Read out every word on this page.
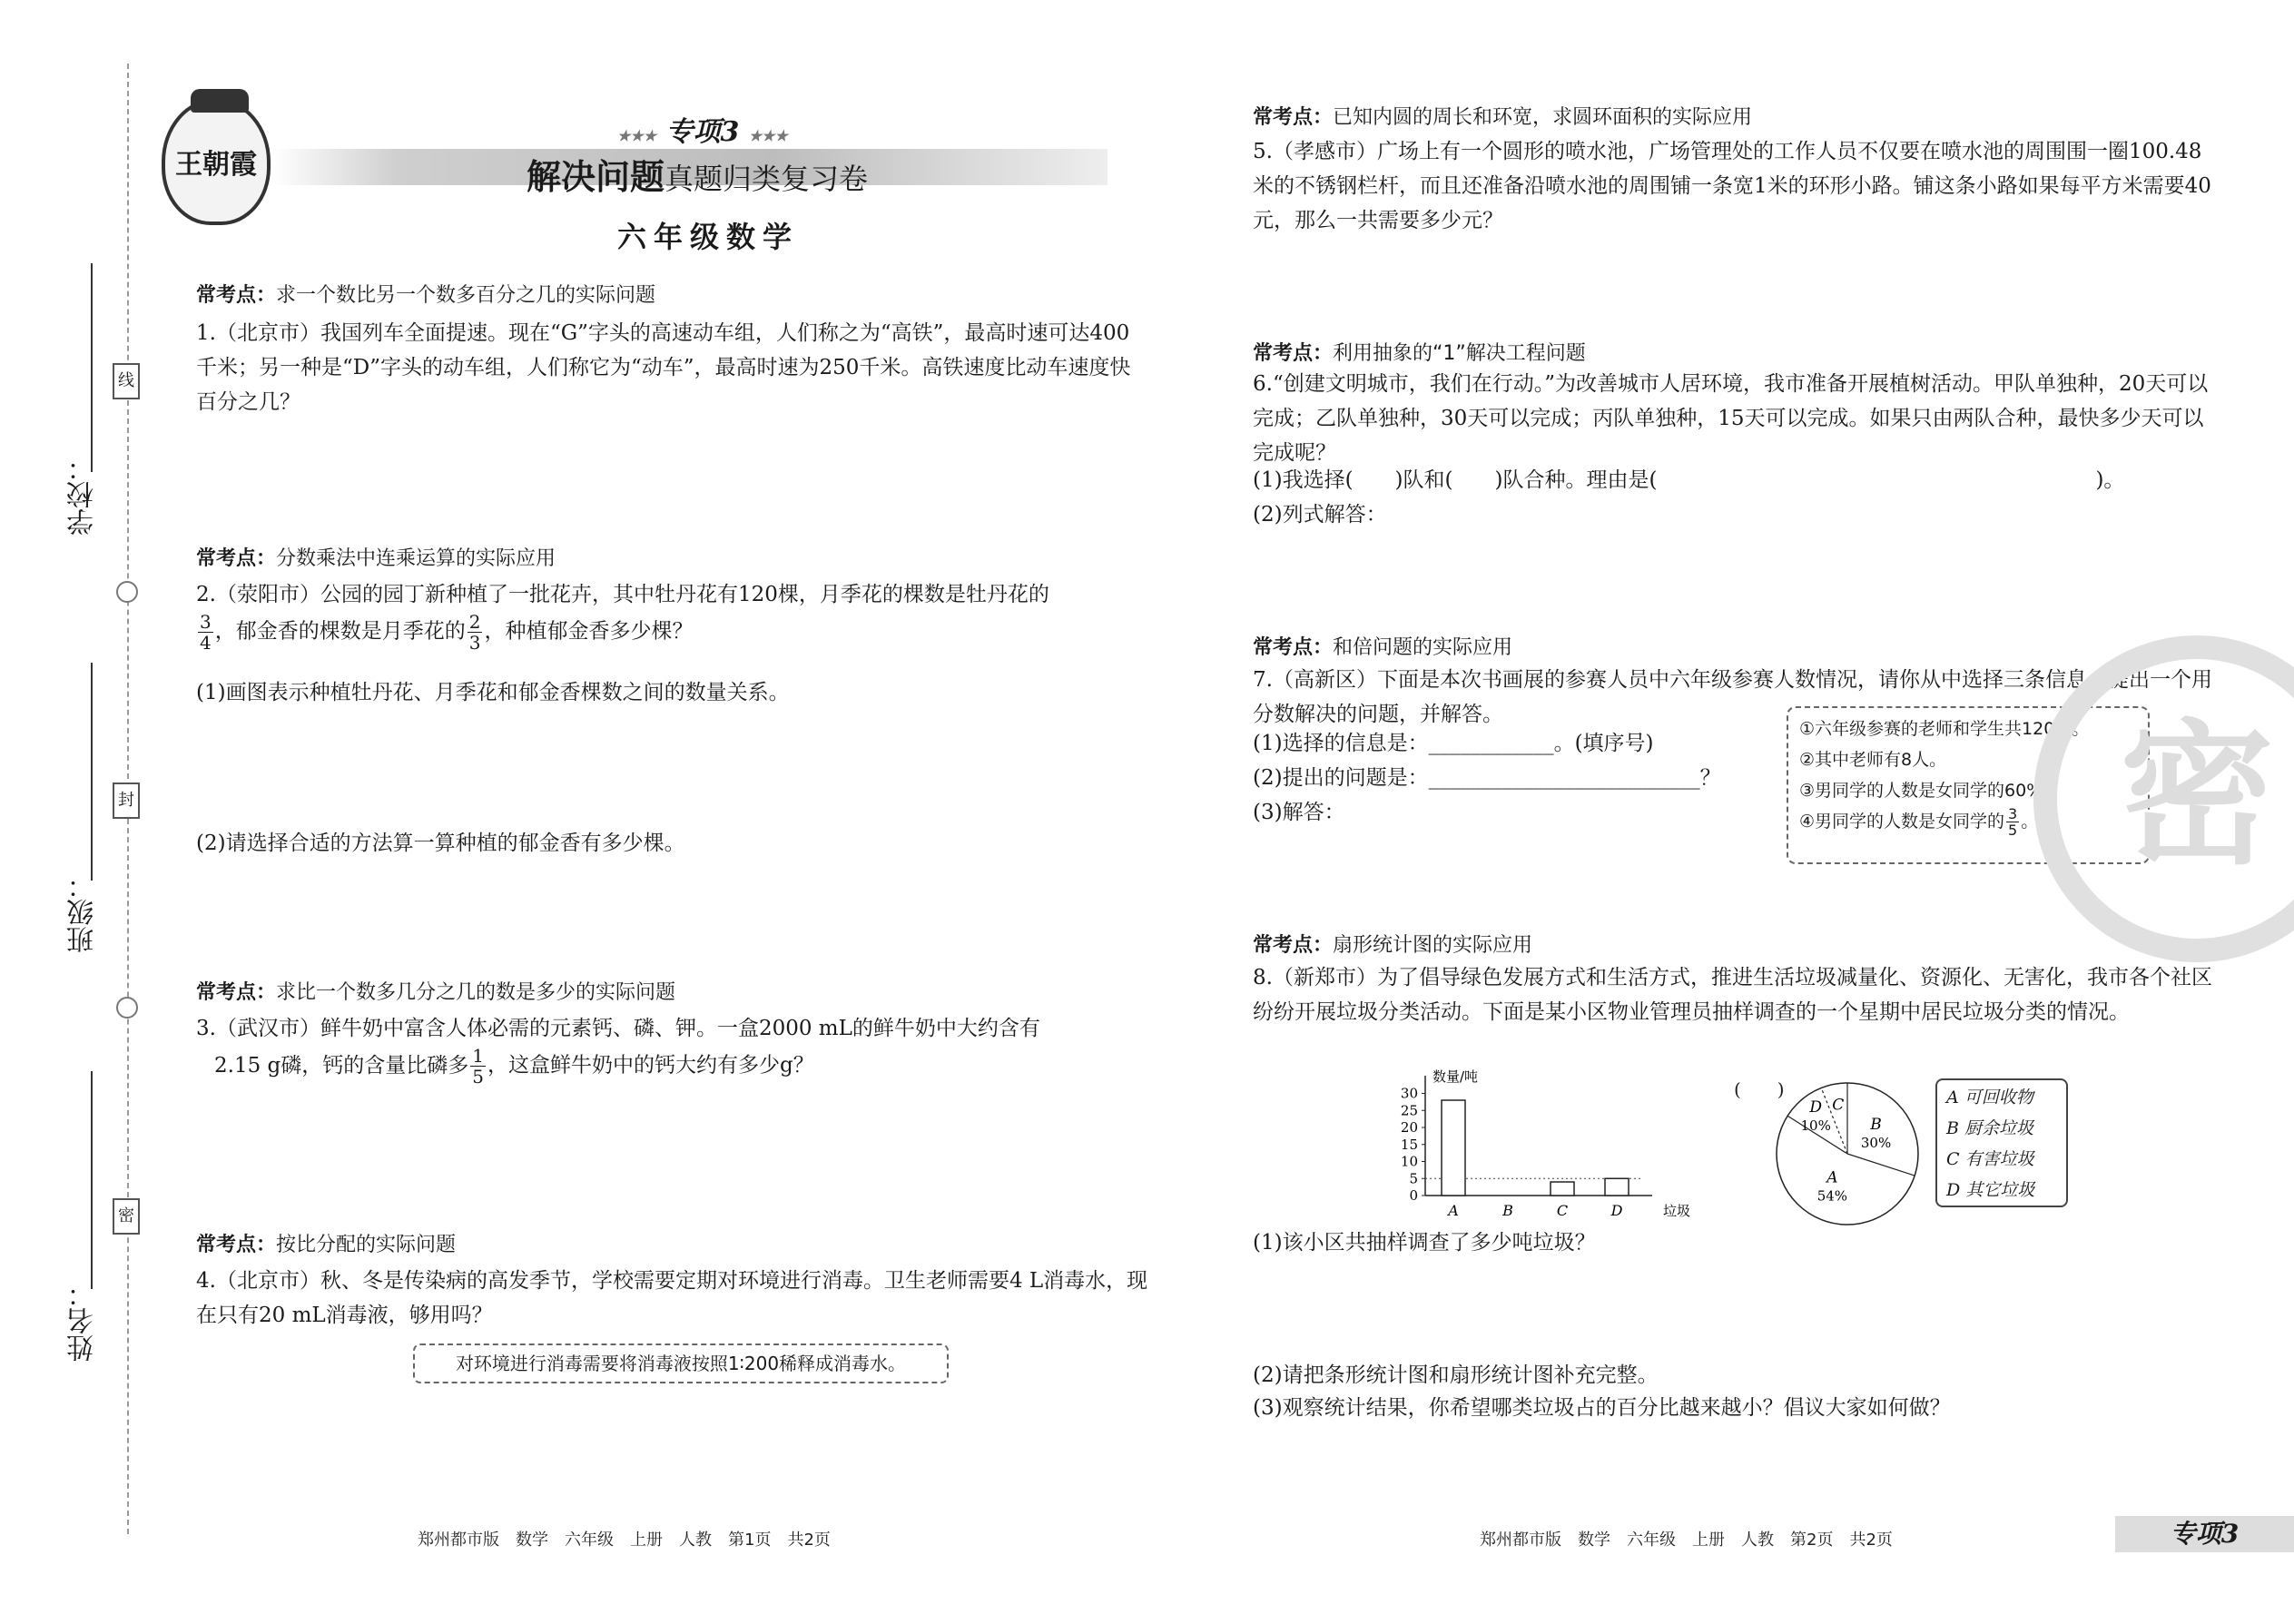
学校：
班级：
姓名：
线
封
密
王朝霞
★★★ 专项3 ★★★
解决问题真题归类复习卷
六年级数学
常考点：求一个数比另一个数多百分之几的实际问题
1.（北京市）我国列车全面提速。现在“G”字头的高速动车组，人们称之为“高铁”，最高时速可达400千米；另一种是“D”字头的动车组，人们称它为“动车”，最高时速为250千米。高铁速度比动车速度快百分之几？
常考点：分数乘法中连乘运算的实际应用
2.（荥阳市）公园的园丁新种植了一批花卉，其中牡丹花有120棵，月季花的棵数是牡丹花的

$\frac{3}{4}$ ，郁金香的棵数是月季花的 $\frac{2}{3}$ ，种植郁金香多少棵？
(1)画图表示种植牡丹花、月季花和郁金香棵数之间的数量关系。
(2)请选择合适的方法算一算种植的郁金香有多少棵。
常考点：求比一个数多几分之几的数是多少的实际问题
3.（武汉市）鲜牛奶中富含人体必需的元素钙、磷、钾。一盒2000 mL的鲜牛奶中大约含有
2.15 g磷，钙的含量比磷多 $\frac{1}{5}$ ，这盒鲜牛奶中的钙大约有多少g？
常考点：按比分配的实际问题
4.（北京市）秋、冬是传染病的高发季节，学校需要定期对环境进行消毒。卫生老师需要4 L消毒水，现在只有20 mL消毒液，够用吗？
对环境进行消毒需要将消毒液按照1∶200稀释成消毒水。
郑州都市版　数学　六年级　上册　人教　第1页　共2页
常考点：已知内圆的周长和环宽，求圆环面积的实际应用
5.（孝感市）广场上有一个圆形的喷水池，广场管理处的工作人员不仅要在喷水池的周围围一圈100.48米的不锈钢栏杆，而且还准备沿喷水池的周围铺一条宽1米的环形小路。铺这条小路如果每平方米需要40元，那么一共需要多少元？
常考点：利用抽象的“1”解决工程问题
6.“创建文明城市，我们在行动。”为改善城市人居环境，我市准备开展植树活动。甲队单独种，20天可以完成；乙队单独种，30天可以完成；丙队单独种，15天可以完成。如果只由两队合种，最快多少天可以完成呢？
(1)我选择(　　)队和(　　)队合种。理由是(　　　　　　　　　　　　　　　　　　　　　)。
(2)列式解答：
常考点：和倍问题的实际应用
7.（高新区）下面是本次书画展的参赛人员中六年级参赛人数情况，请你从中选择三条信息，提出一个用分数解决的问题，并解答。
(1)选择的信息是：____________。(填序号)
(2)提出的问题是：__________________________？
(3)解答：
①六年级参赛的老师和学生共120人。
②其中老师有8人。
③男同学的人数是女同学的60%。
④男同学的人数是女同学的 $\frac{3}{5}$ 。
常考点：扇形统计图的实际应用
8.（新郑市）为了倡导绿色发展方式和生活方式，推进生活垃圾减量化、资源化、无害化，我市各个社区纷纷开展垃圾分类活动。下面是某小区物业管理员抽样调查的一个星期中居民垃圾分类的情况。
数量/吨
垃圾
0
5
10
15
20
25
30
A	B	C	D
(　　)
B
30%
A
54%
D
10%
C	A 可回收物
B 厨余垃圾
C 有害垃圾
D 其它垃圾
(1)该小区共抽样调查了多少吨垃圾？
(2)请把条形统计图和扇形统计图补充完整。
(3)观察统计结果，你希望哪类垃圾占的百分比越来越小？倡议大家如何做？
密
郑州都市版　数学　六年级　上册　人教　第2页　共2页	专项3
